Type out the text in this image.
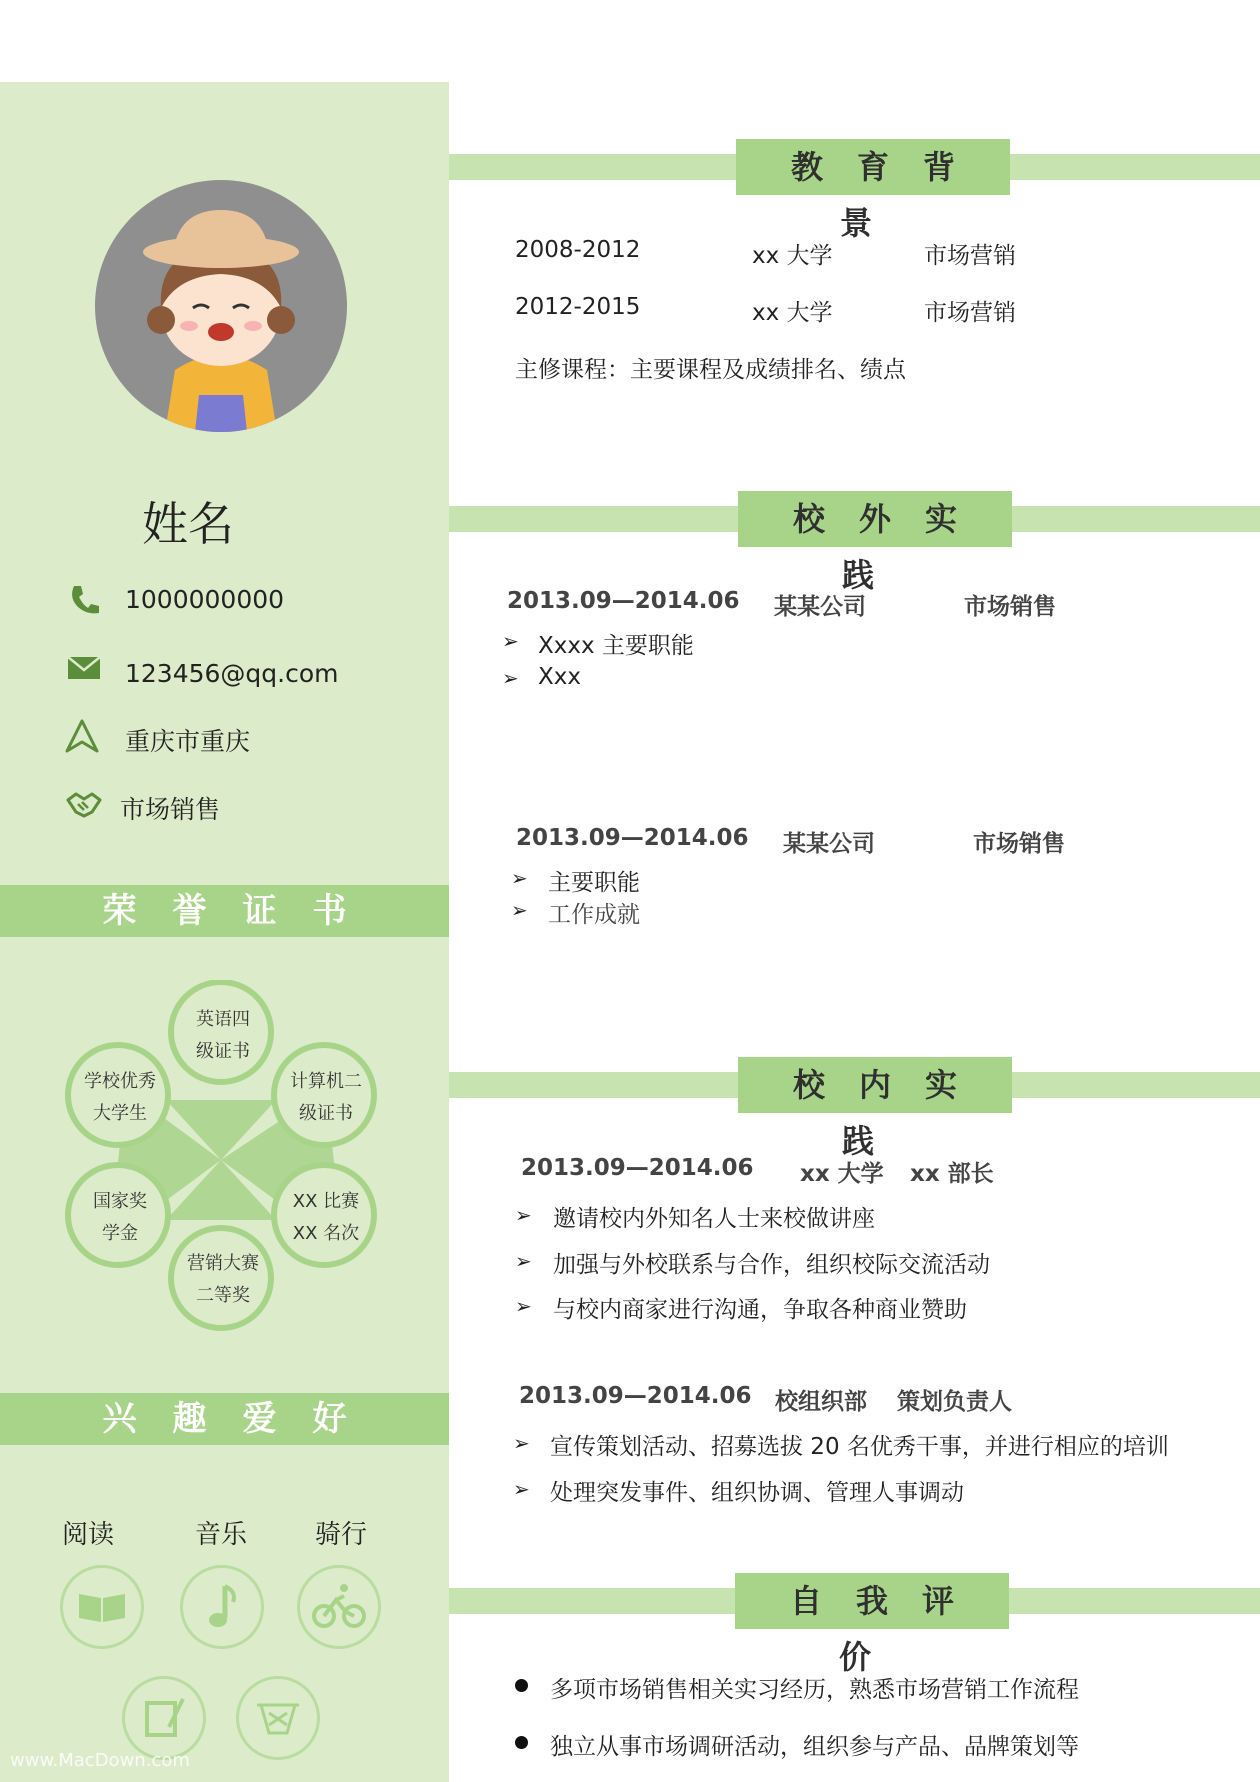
姓名
1000000000
123456@qq.com
重庆市重庆
市场销售
荣誉证书
英语四
级证书
学校优秀
大学生
计算机二
级证书
国家奖
学金
XX 比赛
XX 名次
营销大赛
二等奖
兴趣爱好
阅读	音乐	骑行
www.MacDown.com
教育背景
2008-2012	xx 大学	市场营销
2012-2015	xx 大学	市场营销
主修课程：主要课程及成绩排名、绩点
校外实践
2013.09—2014.06 某某公司	市场销售
➢ Xxxx 主要职能
➢ Xxx
2013.09—2014.06 某某公司	市场销售
➢ 主要职能
➢ 工作成就
校内实践
2013.09—2014.06 xx 大学 xx 部长
➢ 邀请校内外知名人士来校做讲座
➢ 加强与外校联系与合作，组织校际交流活动
➢ 与校内商家进行沟通，争取各种商业赞助
2013.09—2014.06 校组织部 策划负责人
➢ 宣传策划活动、招募选拔 20 名优秀干事，并进行相应的培训
➢ 处理突发事件、组织协调、管理人事调动
自我评价
多项市场销售相关实习经历，熟悉市场营销工作流程
独立从事市场调研活动，组织参与产品、品牌策划等
